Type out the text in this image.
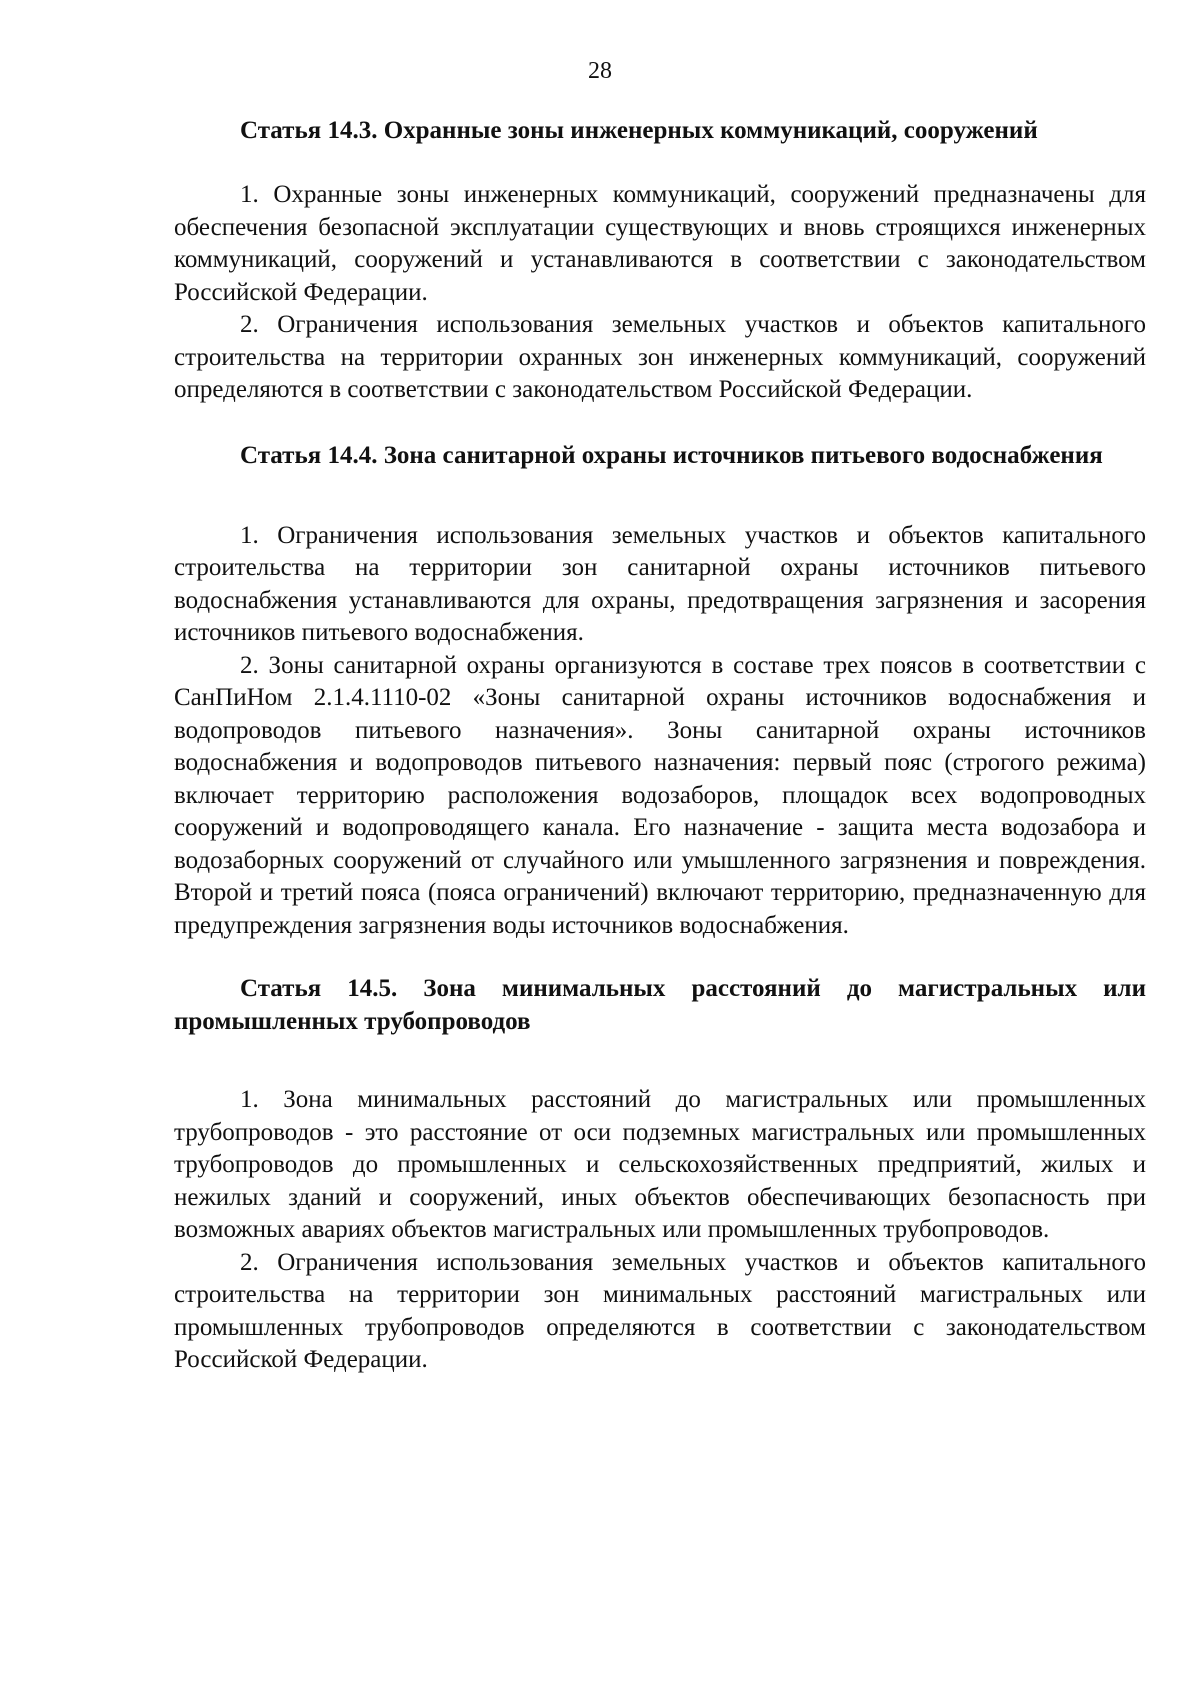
28
Статья 14.3. Охранные зоны инженерных коммуникаций, сооружений

1. Охранные зоны инженерных коммуникаций, сооружений предназначены для обеспечения безопасной эксплуатации существующих и вновь строящихся инженерных коммуникаций, сооружений и устанавливаются в соответствии с законодательством Российской Федерации.

2. Ограничения использования земельных участков и объектов капитального строительства на территории охранных зон инженерных коммуникаций, сооружений определяются в соответствии с законодательством Российской Федерации.

Статья 14.4. Зона санитарной охраны источников питьевого водоснабжения

1. Ограничения использования земельных участков и объектов капитального строительства на территории зон санитарной охраны источников питьевого водоснабжения устанавливаются для охраны, предотвращения загрязнения и засорения источников питьевого водоснабжения.

2. Зоны санитарной охраны организуются в составе трех поясов в соответствии с СанПиНом 2.1.4.1110-02 «Зоны санитарной охраны источников водоснабжения и водопроводов питьевого назначения». Зоны санитарной охраны источников водоснабжения и водопроводов питьевого назначения: первый пояс (строгого режима) включает территорию расположения водозаборов, площадок всех водопроводных сооружений и водопроводящего канала. Его назначение - защита места водозабора и водозаборных сооружений от случайного или умышленного загрязнения и повреждения. Второй и третий пояса (пояса ограничений) включают территорию, предназначенную для предупреждения загрязнения воды источников водоснабжения.

Статья 14.5. Зона минимальных расстояний до магистральных или промышленных трубопроводов

1. Зона минимальных расстояний до магистральных или промышленных трубопроводов - это расстояние от оси подземных магистральных или промышленных трубопроводов до промышленных и сельскохозяйственных предприятий, жилых и нежилых зданий и сооружений, иных объектов обеспечивающих безопасность при возможных авариях объектов магистральных или промышленных трубопроводов.

2. Ограничения использования земельных участков и объектов капитального строительства на территории зон минимальных расстояний магистральных или промышленных трубопроводов определяются в соответствии с законодательством Российской Федерации.
